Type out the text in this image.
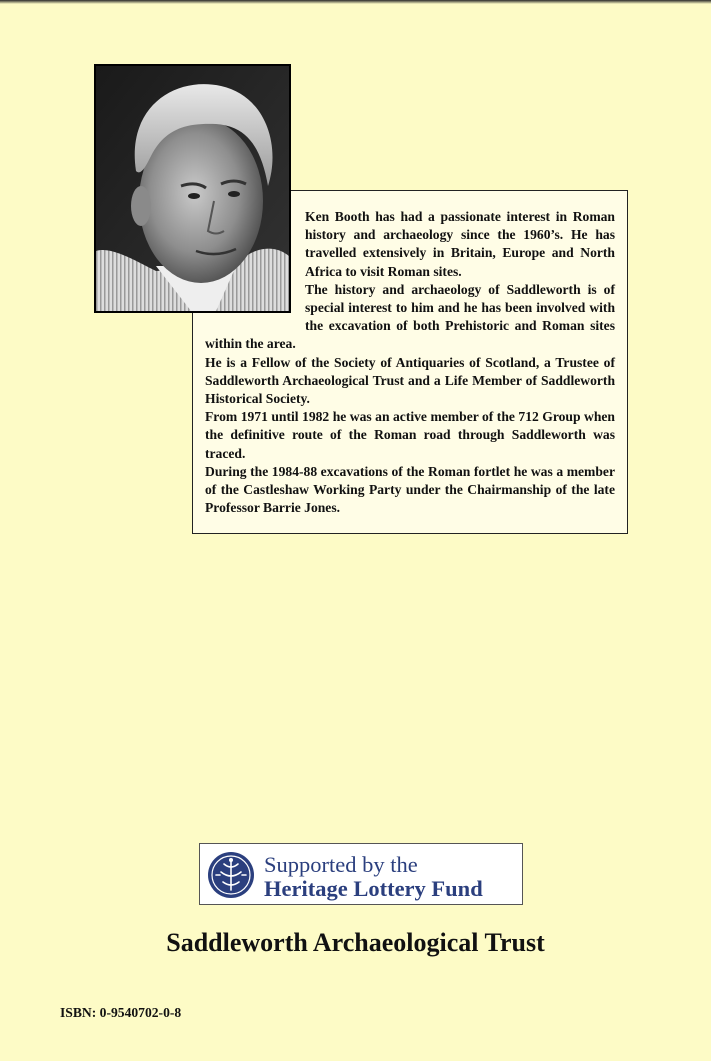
Ken Booth has had a passionate interest in Roman history and archaeology since the 1960’s. He has travelled extensively in Britain, Europe and North Africa to visit Roman sites.

The history and archaeology of Saddleworth is of special interest to him and he has been involved with the excavation of both Prehistoric and Roman sites within the area.

He is a Fellow of the Society of Antiquaries of Scotland, a Trustee of Saddleworth Archaeological Trust and a Life Member of Saddleworth Historical Society.

From 1971 until 1982 he was an active member of the 712 Group when the definitive route of the Roman road through Saddleworth was traced.

During the 1984-88 excavations of the Roman fortlet he was a member of the Castleshaw Working Party under the Chairmanship of the late Professor Barrie Jones.

Supported by the
Heritage Lottery Fund
Saddleworth Archaeological Trust
ISBN: 0-9540702-0-8
